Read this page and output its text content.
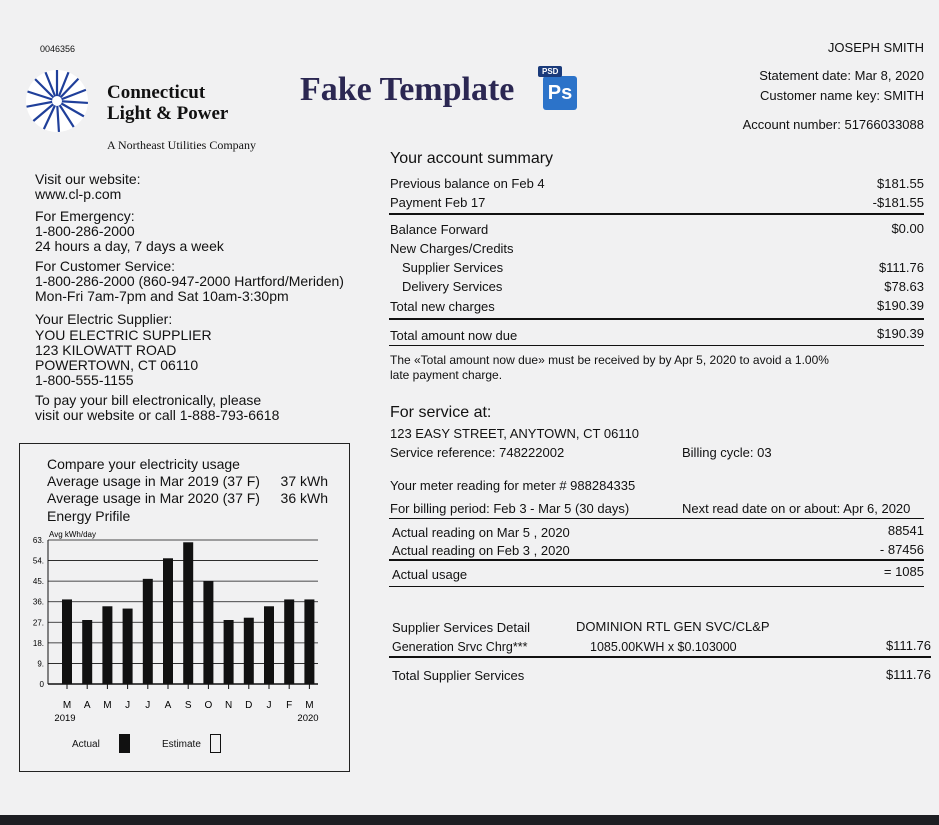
0046356
Connecticut
Light & Power
A Northeast Utilities Company
Fake Template Ps
PSD
JOSEPH SMITH
Statement date: Mar 8, 2020
Customer name key: SMITH
Account number: 51766033088
Visit our website:
www.cl-p.com
For Emergency:
1-800-286-2000
24 hours a day, 7 days a week
For Customer Service:
1-800-286-2000 (860-947-2000 Hartford/Meriden)
Mon-Fri 7am-7pm and Sat 10am-3:30pm
Your Electric Supplier:
YOU ELECTRIC SUPPLIER
123 KILOWATT ROAD
POWERTOWN, CT 06110
1-800-555-1155
To pay your bill electronically, please
visit our website or call 1-888-793-6618
Compare your electricity usage
Average usage in Mar 2019 (37 F) 37 kWh
Average usage in Mar 2020 (37 F) 36 kWh
Energy Prifile
Avg kWh/day
0
9.
18.
27.
36.
45.
54.
63.
M A M J J A S O N D J F M
2019	2020
Actual	Estimate
Your account summary
Previous balance on Feb 4	$181.55
Payment Feb 17	-$181.55
Balance Forward	$0.00
New Charges/Credits
Supplier Services	$111.76
Delivery Services	$78.63
Total new charges	$190.39
Total amount now due	$190.39
The «Total amount now due» must be received by by Apr 5, 2020 to avoid a 1.00%
late payment charge.
For service at:
123 EASY STREET, ANYTOWN, CT 06110
Service reference: 748222002	Billing cycle: 03
Your meter reading for meter # 988284335
For billing period: Feb 3 - Mar 5 (30 days)	Next read date on or about: Apr 6, 2020
Actual reading on Mar 5 , 2020	88541
Actual reading on Feb 3 , 2020	- 87456
Actual usage	= 1085
Supplier Services Detail	DOMINION RTL GEN SVC/CL&P
Generation Srvc Chrg***	1085.00KWH x $0.103000	$111.76
Total Supplier Services	$111.76
